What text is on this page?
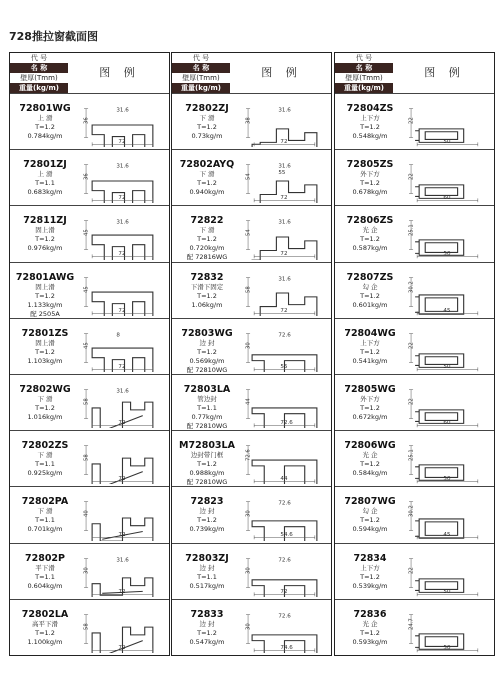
728推拉窗截面图
代 号
名 称
壁厚(Tmm)
重量(kg/m)
图 例
72801WG
上 滑
T=1.2
0.784kg/m
36
31.6
72
72801ZJ
上 滑
T=1.1
0.683kg/m
36
31.6
72
72811ZJ
固上滑
T=1.2
0.976kg/m
45
31.6
72
72801AWG
固上滑
T=1.2
1.133kg/m
配 2505A
45
72
72801ZS
固上滑
T=1.2
1.103kg/m
45
8
72
72802WG
下 滑
T=1.2
1.016kg/m
58
31.6
72
72802ZS
下 滑
T=1.1
0.925kg/m
58
72
72802PA
下 滑
T=1.1
0.701kg/m
40
72
72802P
平下滑
T=1.1
0.604kg/m
30
31.6
72
72802LA
高平下滑
T=1.2
1.100kg/m
58
72
代 号
名 称
壁厚(Tmm)
重量(kg/m)
图 例
72802ZJ
下 滑
T=1.2
0.73kg/m
38
31.6
72
72802AYQ
下 滑
T=1.2
0.940kg/m
54
31.6
55
72
72822
下 滑
T=1.2
0.720kg/m
配 72816WG
54
31.6
72
72832
下滑下固定
T=1.2
1.06kg/m
58
31.6
72
72803WG
边 封
T=1.2
0.569kg/m
配 72810WG
30
72.6
55
72803LA
管边封
T=1.1
0.77kg/m
配 72810WG
44
72.6
M72803LA
边封带门框
T=1.2
0.988kg/m
配 72810WG
72.6
44
72823
边 封
T=1.2
0.739kg/m
30
72.6
54.6
72803ZJ
边 封
T=1.1
0.517kg/m
30
72.6
72
72833
边 封
T=1.2
0.547kg/m
30
72.6
74.6
代 号
名 称
壁厚(Tmm)
重量(kg/m)
图 例
72804ZS
上下方
T=1.2
0.548kg/m
22
50
72805ZS
外下方
T=1.2
0.678kg/m
22
60
72806ZS
光 企
T=1.2
0.587kg/m
25.1
50
72807ZS
勾 企
T=1.2
0.601kg/m
30.2
45
72804WG
上下方
T=1.2
0.541kg/m
22
50
72805WG
外下方
T=1.2
0.672kg/m
22
60
72806WG
光 企
T=1.2
0.584kg/m
25.1
50
72807WG
勾 企
T=1.2
0.594kg/m
30.2
45
72834
上下方
T=1.2
0.539kg/m
22
50
72836
光 企
T=1.2
0.593kg/m
24.7
50
